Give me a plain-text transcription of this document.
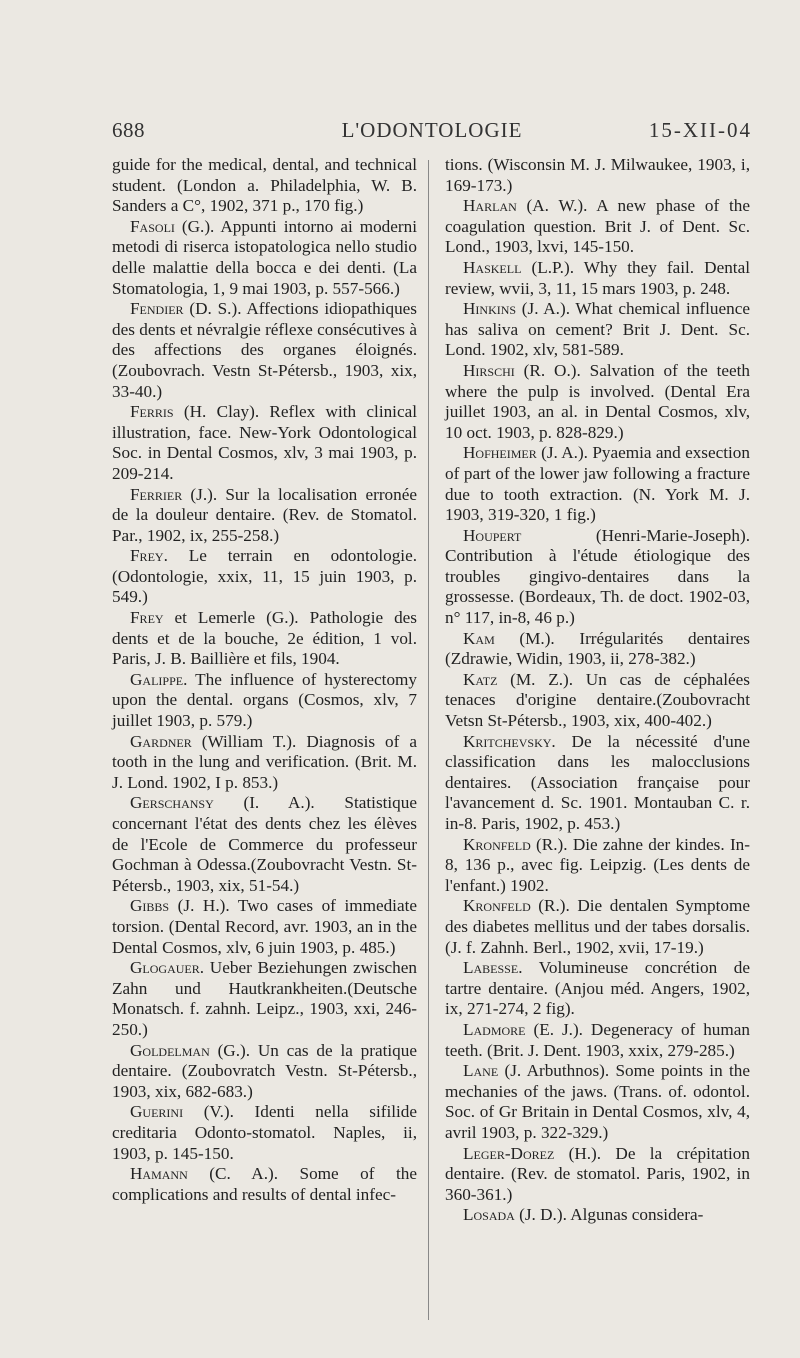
688	L'ODONTOLOGIE	15-XII-04

guide for the medical, dental, and technical student. (London a. Philadelphia, W. B. Sanders a C°, 1902, 371 p., 170 fig.)

Fasoli (G.). Appunti intorno ai moderni metodi di riserca istopatologica nello studio delle malattie della bocca e dei denti. (La Stomatologia, 1, 9 mai 1903, p. 557-566.)

Fendier (D. S.). Affections idiopathiques des dents et névralgie réflexe consécutives à des affections des organes éloignés. (Zoubovrach. Vestn St-Pétersb., 1903, xix, 33-40.)

Ferris (H. Clay). Reflex with clinical illustration, face. New-York Odontological Soc. in Dental Cosmos, xlv, 3 mai 1903, p. 209-214.

Ferrier (J.). Sur la localisation erronée de la douleur dentaire. (Rev. de Stomatol. Par., 1902, ix, 255-258.)

Frey. Le terrain en odontologie. (Odontologie, xxix, 11, 15 juin 1903, p. 549.)

Frey et Lemerle (G.). Pathologie des dents et de la bouche, 2e édition, 1 vol. Paris, J. B. Baillière et fils, 1904.

Galippe. The influence of hysterectomy upon the dental. organs (Cosmos, xlv, 7 juillet 1903, p. 579.)

Gardner (William T.). Diagnosis of a tooth in the lung and verification. (Brit. M. J. Lond. 1902, I p. 853.)

Gerschansy (I. A.). Statistique concernant l'état des dents chez les élèves de l'Ecole de Commerce du professeur Gochman à Odessa.(Zoubovracht Vestn. St-Pétersb., 1903, xix, 51-54.)

Gibbs (J. H.). Two cases of immediate torsion. (Dental Record, avr. 1903, an in the Dental Cosmos, xlv, 6 juin 1903, p. 485.)

Glogauer. Ueber Beziehungen zwischen Zahn und Hautkrankheiten.(Deutsche Monatsch. f. zahnh. Leipz., 1903, xxi, 246-250.)

Goldelman (G.). Un cas de la pratique dentaire. (Zoubovratch Vestn. St-Pétersb., 1903, xix, 682-683.)

Guerini (V.). Identi nella sifilide creditaria Odonto-stomatol. Naples, ii, 1903, p. 145-150.

Hamann (C. A.). Some of the complications and results of dental infec-

tions. (Wisconsin M. J. Milwaukee, 1903, i, 169-173.)

Harlan (A. W.). A new phase of the coagulation question. Brit J. of Dent. Sc. Lond., 1903, lxvi, 145-150.

Haskell (L.P.). Why they fail. Dental review, wvii, 3, 11, 15 mars 1903, p. 248.

Hinkins (J. A.). What chemical influence has saliva on cement? Brit J. Dent. Sc. Lond. 1902, xlv, 581-589.

Hirschi (R. O.). Salvation of the teeth where the pulp is involved. (Dental Era juillet 1903, an al. in Dental Cosmos, xlv, 10 oct. 1903, p. 828-829.)

Hofheimer (J. A.). Pyaemia and exsection of part of the lower jaw following a fracture due to tooth extraction. (N. York M. J. 1903, 319-320, 1 fig.)

Houpert (Henri-Marie-Joseph). Contribution à l'étude étiologique des troubles gingivo-dentaires dans la grossesse. (Bordeaux, Th. de doct. 1902-03, n° 117, in-8, 46 p.)

Kam (M.). Irrégularités dentaires (Zdrawie, Widin, 1903, ii, 278-382.)

Katz (M. Z.). Un cas de céphalées tenaces d'origine dentaire.(Zoubovracht Vetsn St-Pétersb., 1903, xix, 400-402.)

Kritchevsky. De la nécessité d'une classification dans les malocclusions dentaires. (Association française pour l'avancement d. Sc. 1901. Montauban C. r. in-8. Paris, 1902, p. 453.)

Kronfeld (R.). Die zahne der kindes. In-8, 136 p., avec fig. Leipzig. (Les dents de l'enfant.) 1902.

Kronfeld (R.). Die dentalen Symptome des diabetes mellitus und der tabes dorsalis. (J. f. Zahnh. Berl., 1902, xvii, 17-19.)

Labesse. Volumineuse concrétion de tartre dentaire. (Anjou méd. Angers, 1902, ix, 271-274, 2 fig).

Ladmore (E. J.). Degeneracy of human teeth. (Brit. J. Dent. 1903, xxix, 279-285.)

Lane (J. Arbuthnos). Some points in the mechanies of the jaws. (Trans. of. odontol. Soc. of Gr Britain in Dental Cosmos, xlv, 4, avril 1903, p. 322-329.)

Leger-Dorez (H.). De la crépitation dentaire. (Rev. de stomatol. Paris, 1902, in 360-361.)

Losada (J. D.). Algunas considera-
